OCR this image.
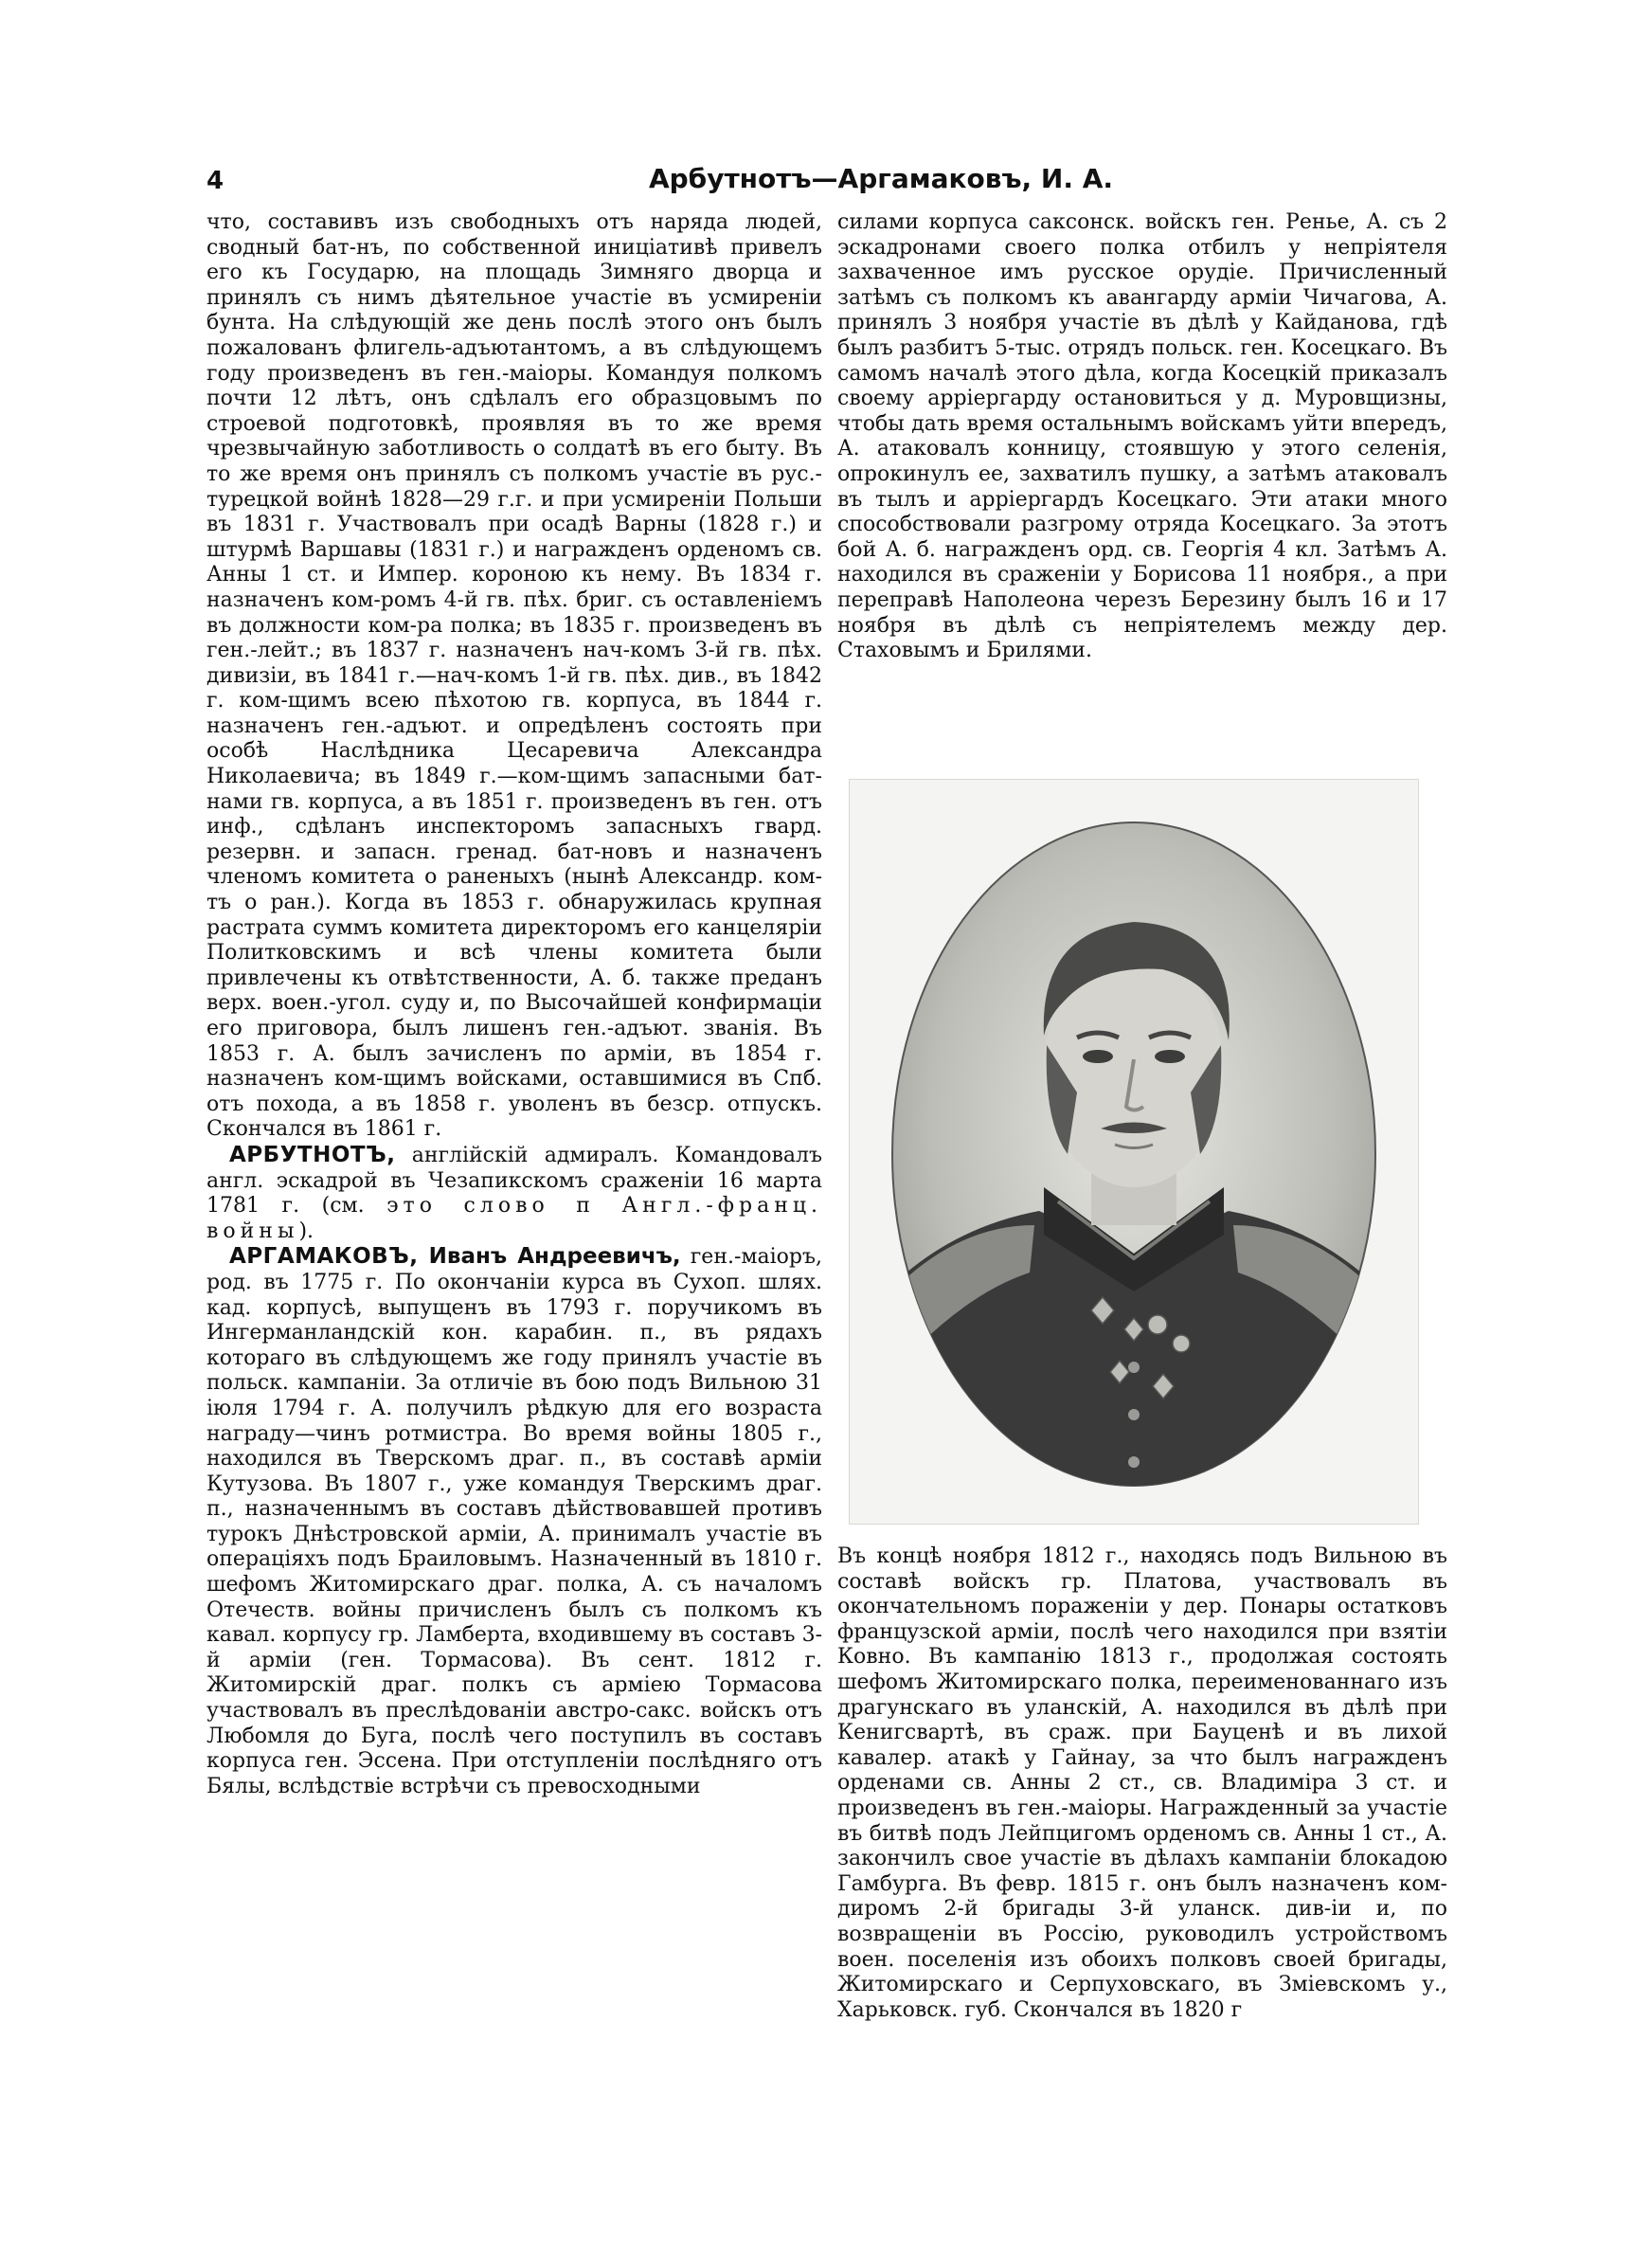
4	Арбутнотъ—Аргамаковъ, И. А.

что, составивъ изъ свободныхъ отъ наряда людей, сводный бат-нъ, по собственной иниціативѣ привелъ его къ Государю, на площадь Зимняго дворца и принялъ съ нимъ дѣятельное участіе въ усмиреніи бунта. На слѣдующій же день послѣ этого онъ былъ пожалованъ флигель-адъютантомъ, а въ слѣдующемъ году произведенъ въ ген.-маіоры. Командуя полкомъ почти 12 лѣтъ, онъ сдѣлалъ его образцовымъ по строевой подготовкѣ, проявляя въ то же время чрезвычайную заботливость о солдатѣ въ его быту. Въ то же время онъ принялъ съ полкомъ участіе въ рус.-турецкой войнѣ 1828—29 г.г. и при усмиреніи Польши въ 1831 г. Участвовалъ при осадѣ Варны (1828 г.) и штурмѣ Варшавы (1831 г.) и награжденъ орденомъ св. Анны 1 ст. и Импер. короною къ нему. Въ 1834 г. назначенъ ком-ромъ 4-й гв. пѣх. бриг. съ оставленіемъ въ должности ком-ра полка; въ 1835 г. произведенъ въ ген.-лейт.; въ 1837 г. назначенъ нач-комъ 3-й гв. пѣх. дивизіи, въ 1841 г.—нач-комъ 1-й гв. пѣх. див., въ 1842 г. ком-щимъ всею пѣхотою гв. корпуса, въ 1844 г. назначенъ ген.-адъют. и опредѣленъ состоять при особѣ Наслѣдника Цесаревича Александра Николаевича; въ 1849 г.—ком-щимъ запасными бат-нами гв. корпуса, а въ 1851 г. произведенъ въ ген. отъ инф., сдѣланъ инспекторомъ запасныхъ гвард. резервн. и запасн. гренад. бат-новъ и назначенъ членомъ комитета о раненыхъ (нынѣ Александр. ком-тъ о ран.). Когда въ 1853 г. обнаружилась крупная растрата суммъ комитета директоромъ его канцеляріи Политковскимъ и всѣ члены комитета были привлечены къ отвѣтственности, А. б. также преданъ верх. воен.-угол. суду и, по Высочайшей конфирмаціи его приговора, былъ лишенъ ген.-адъют. званія. Въ 1853 г. А. былъ зачисленъ по арміи, въ 1854 г. назначенъ ком-щимъ войсками, оставшимися въ Спб. отъ похода, а въ 1858 г. уволенъ въ безср. отпускъ. Скончался въ 1861 г.

АРБУТНОТЪ, англійскій адмиралъ. Командовалъ англ. эскадрой въ Чезапикскомъ сраженіи 16 марта 1781 г. (см. это слово п Англ.-франц. войны).

АРГАМАКОВЪ, Иванъ Андреевичъ, ген.-маіоръ, род. въ 1775 г. По окончаніи курса въ Сухоп. шлях. кад. корпусѣ, выпущенъ въ 1793 г. поручикомъ въ Ингерманландскій кон. карабин. п., въ рядахъ котораго въ слѣдующемъ же году принялъ участіе въ польск. кампаніи. За отличіе въ бою подъ Вильною 31 іюля 1794 г. А. получилъ рѣдкую для его возраста награду—чинъ ротмистра. Во время войны 1805 г., находился въ Тверскомъ драг. п., въ составѣ арміи Кутузова. Въ 1807 г., уже командуя Тверскимъ драг. п., назначеннымъ въ составъ дѣйствовавшей противъ турокъ Днѣстровской арміи, А. принималъ участіе въ операціяхъ подъ Браиловымъ. Назначенный въ 1810 г. шефомъ Житомирскаго драг. полка, А. съ началомъ Отечеств. войны причисленъ былъ съ полкомъ къ кавал. корпусу гр. Ламберта, входившему въ составъ 3-й арміи (ген. Тормасова). Въ сент. 1812 г. Житомирскій драг. полкъ съ арміею Тормасова участвовалъ въ преслѣдованіи австро-сакс. войскъ отъ Любомля до Буга, послѣ чего поступилъ въ составъ корпуса ген. Эссена. При отступленіи послѣдняго отъ Бялы, вслѣдствіе встрѣчи съ превосходными

силами корпуса саксонск. войскъ ген. Ренье, А. съ 2 эскадронами своего полка отбилъ у непріятеля захваченное имъ русское орудіе. Причисленный затѣмъ съ полкомъ къ авангарду арміи Чичагова, А. принялъ 3 ноября участіе въ дѣлѣ у Кайданова, гдѣ былъ разбитъ 5-тыс. отрядъ польск. ген. Косецкаго. Въ самомъ началѣ этого дѣла, когда Косецкій приказалъ своему арріергарду остановиться у д. Муровщизны, чтобы дать время остальнымъ войскамъ уйти впередъ, А. атаковалъ конницу, стоявшую у этого селенія, опрокинулъ ее, захватилъ пушку, а затѣмъ атаковалъ въ тылъ и арріергардъ Косецкаго. Эти атаки много способствовали разгрому отряда Косецкаго. За этотъ бой А. б. награжденъ орд. св. Георгія 4 кл. Затѣмъ А. находился въ сраженіи у Борисова 11 ноября., а при переправѣ Наполеона черезъ Березину былъ 16 и 17 ноября въ дѣлѣ съ непріятелемъ между дер. Стаховымъ и Брилями.

Въ концѣ ноября 1812 г., находясь подъ Вильною въ составѣ войскъ гр. Платова, участвовалъ въ окончательномъ пораженіи у дер. Понары остатковъ французской арміи, послѣ чего находился при взятіи Ковно. Въ кампанію 1813 г., продолжая состоять шефомъ Житомирскаго полка, переименованнаго изъ драгунскаго въ уланскій, А. находился въ дѣлѣ при Кенигсвартѣ, въ сраж. при Бауценѣ и въ лихой кавалер. атакѣ у Гайнау, за что былъ награжденъ орденами св. Анны 2 ст., св. Владиміра 3 ст. и произведенъ въ ген.-маіоры. Награжденный за участіе въ битвѣ подъ Лейпцигомъ орденомъ св. Анны 1 ст., А. закончилъ свое участіе въ дѣлахъ кампаніи блокадою Гамбурга. Въ февр. 1815 г. онъ былъ назначенъ ком-диромъ 2-й бригады 3-й уланск. див-іи и, по возвращеніи въ Россію, руководилъ устройствомъ воен. поселенія изъ обоихъ полковъ своей бригады, Житомирскаго и Серпуховскаго, въ Зміевскомъ у., Харьковск. губ. Скончался въ 1820 г
